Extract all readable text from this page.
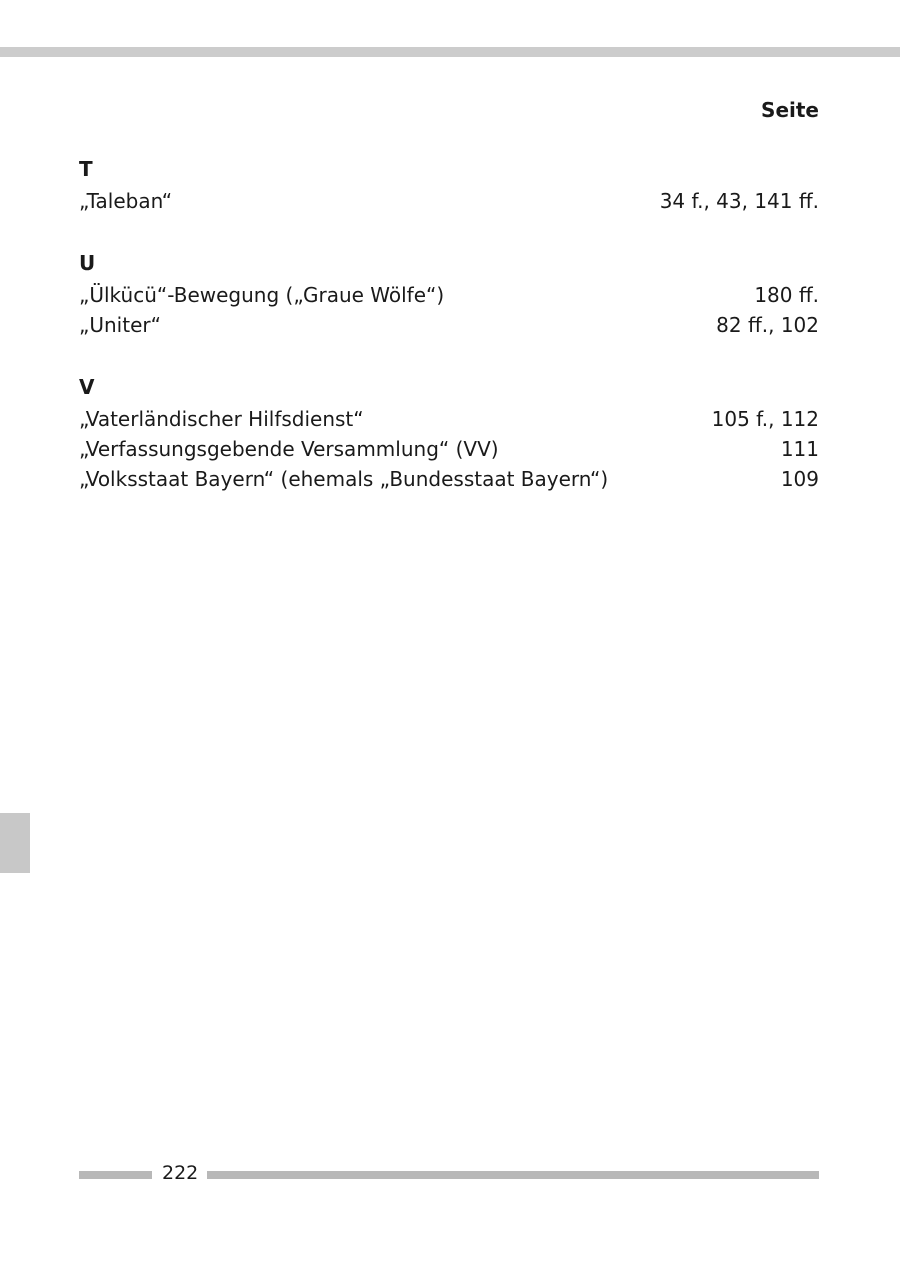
Seite
T
„Taleban“	34 f., 43, 141 ff.
U
„Ülkücü“-Bewegung („Graue Wölfe“)	180 ff.
„Uniter“	82 ff., 102
V
„Vaterländischer Hilfsdienst“	105 f., 112
„Verfassungsgebende Versammlung“ (VV)	111
„Volksstaat Bayern“ (ehemals „Bundesstaat Bayern“)	109
222
